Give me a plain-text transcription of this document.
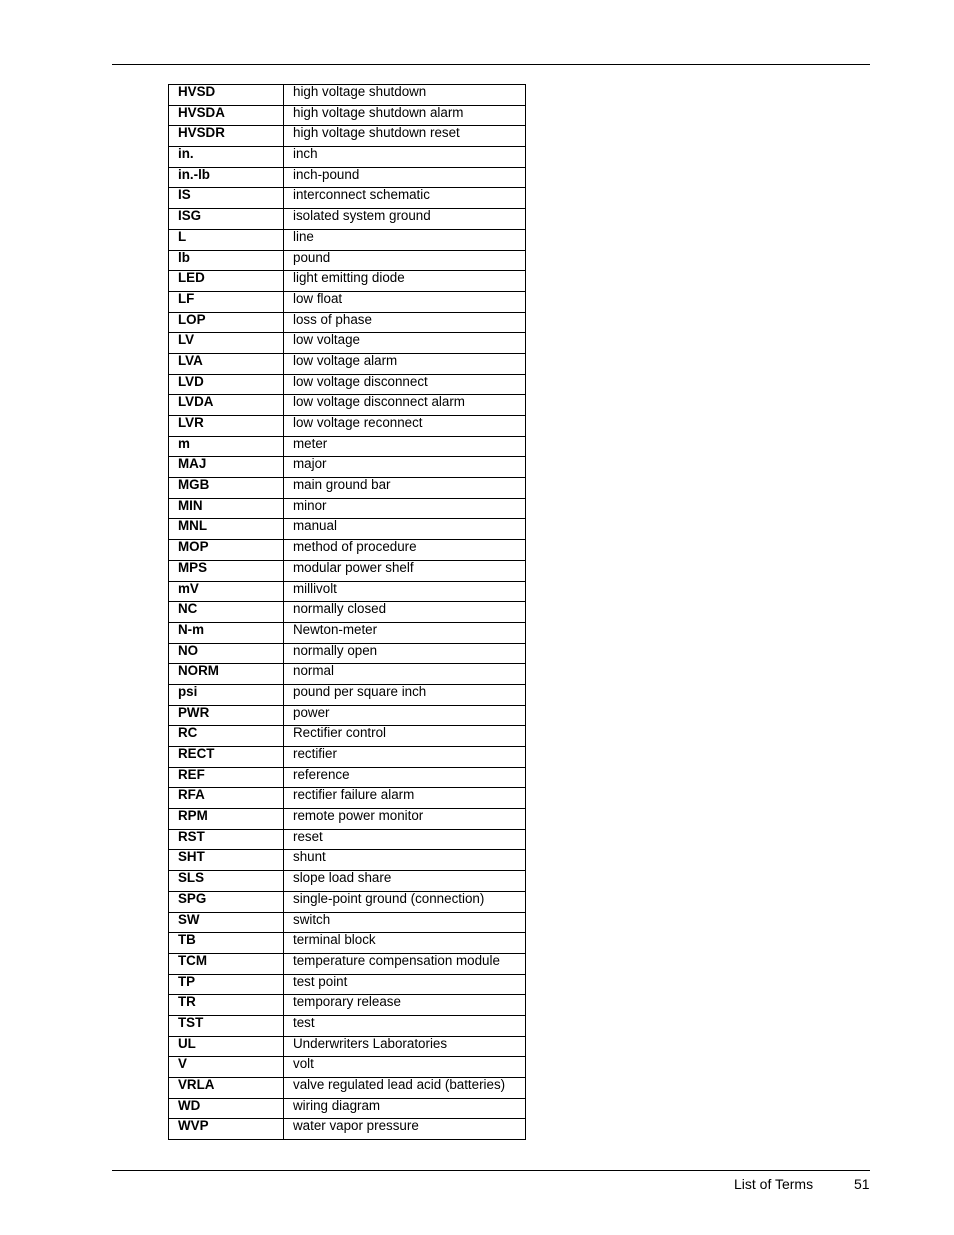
HVSD	high voltage shutdown
HVSDA	high voltage shutdown alarm
HVSDR	high voltage shutdown reset
in.	inch
in.-lb	inch-pound
IS	interconnect schematic
ISG	isolated system ground
L	line
lb	pound
LED	light emitting diode
LF	low float
LOP	loss of phase
LV	low voltage
LVA	low voltage alarm
LVD	low voltage disconnect
LVDA	low voltage disconnect alarm
LVR	low voltage reconnect
m	meter
MAJ	major
MGB	main ground bar
MIN	minor
MNL	manual
MOP	method of procedure
MPS	modular power shelf
mV	millivolt
NC	normally closed
N-m	Newton-meter
NO	normally open
NORM	normal
psi	pound per square inch
PWR	power
RC	Rectifier control
RECT	rectifier
REF	reference
RFA	rectifier failure alarm
RPM	remote power monitor
RST	reset
SHT	shunt
SLS	slope load share
SPG	single-point ground (connection)
SW	switch
TB	terminal block
TCM	temperature compensation module
TP	test point
TR	temporary release
TST	test
UL	Underwriters Laboratories
V	volt
VRLA	valve regulated lead acid (batteries)
WD	wiring diagram
WVP	water vapor pressure
List of Terms	51
